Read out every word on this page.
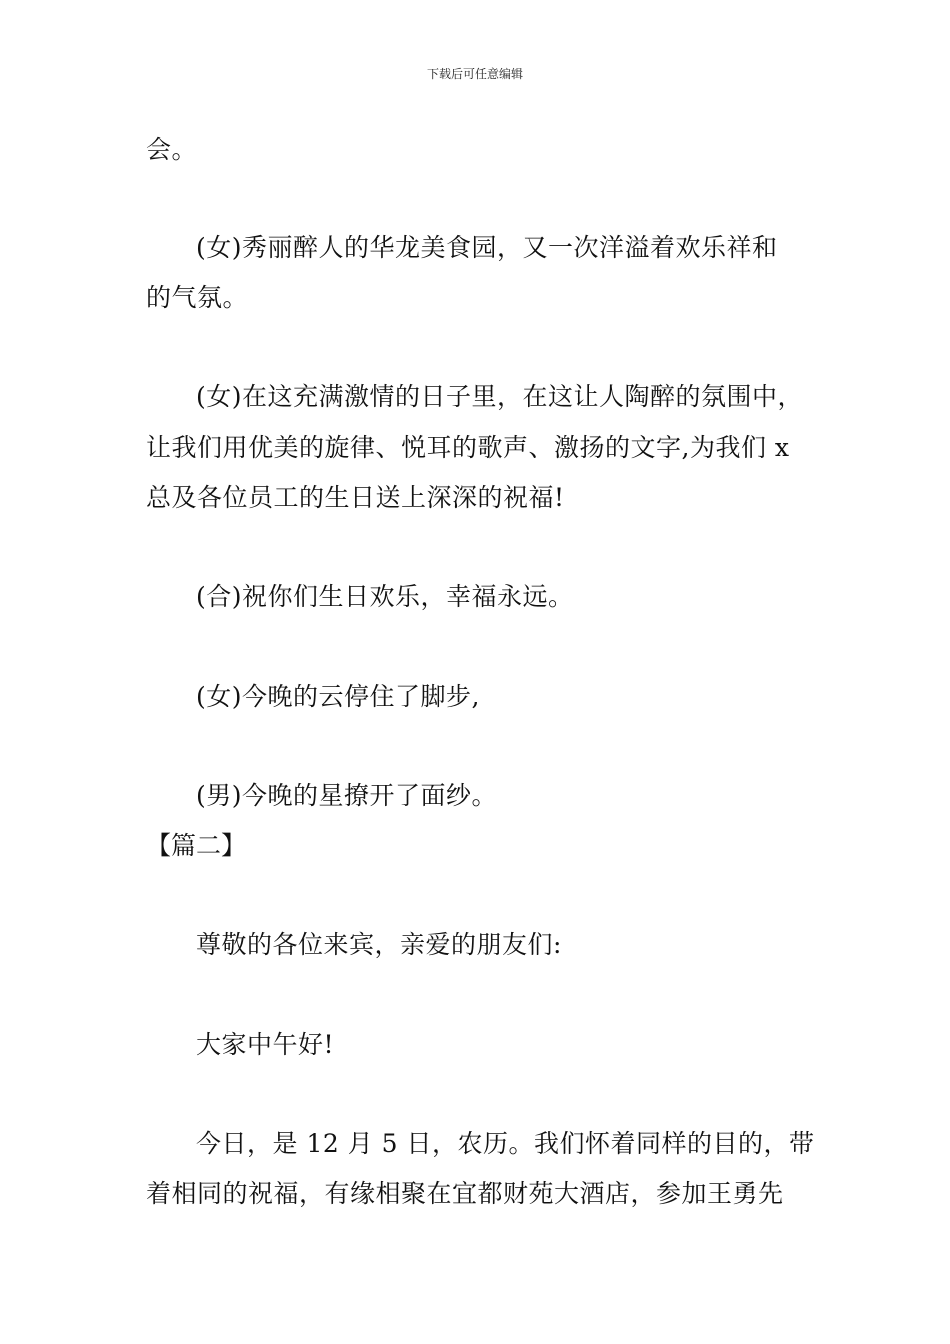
下载后可任意编辑
会。
(女)秀丽醉人的华龙美食园，又一次洋溢着欢乐祥和
的气氛。
(女)在这充满激情的日子里，在这让人陶醉的氛围中，
让我们用优美的旋律、悦耳的歌声、激扬的文字,为我们 x
总及各位员工的生日送上深深的祝福!
(合)祝你们生日欢乐，幸福永远。
(女)今晚的云停住了脚步,
(男)今晚的星撩开了面纱。
【篇二】
尊敬的各位来宾，亲爱的朋友们:
大家中午好!
今日，是 12 月 5 日，农历。我们怀着同样的目的，带
着相同的祝福，有缘相聚在宜都财苑大酒店，参加王勇先
